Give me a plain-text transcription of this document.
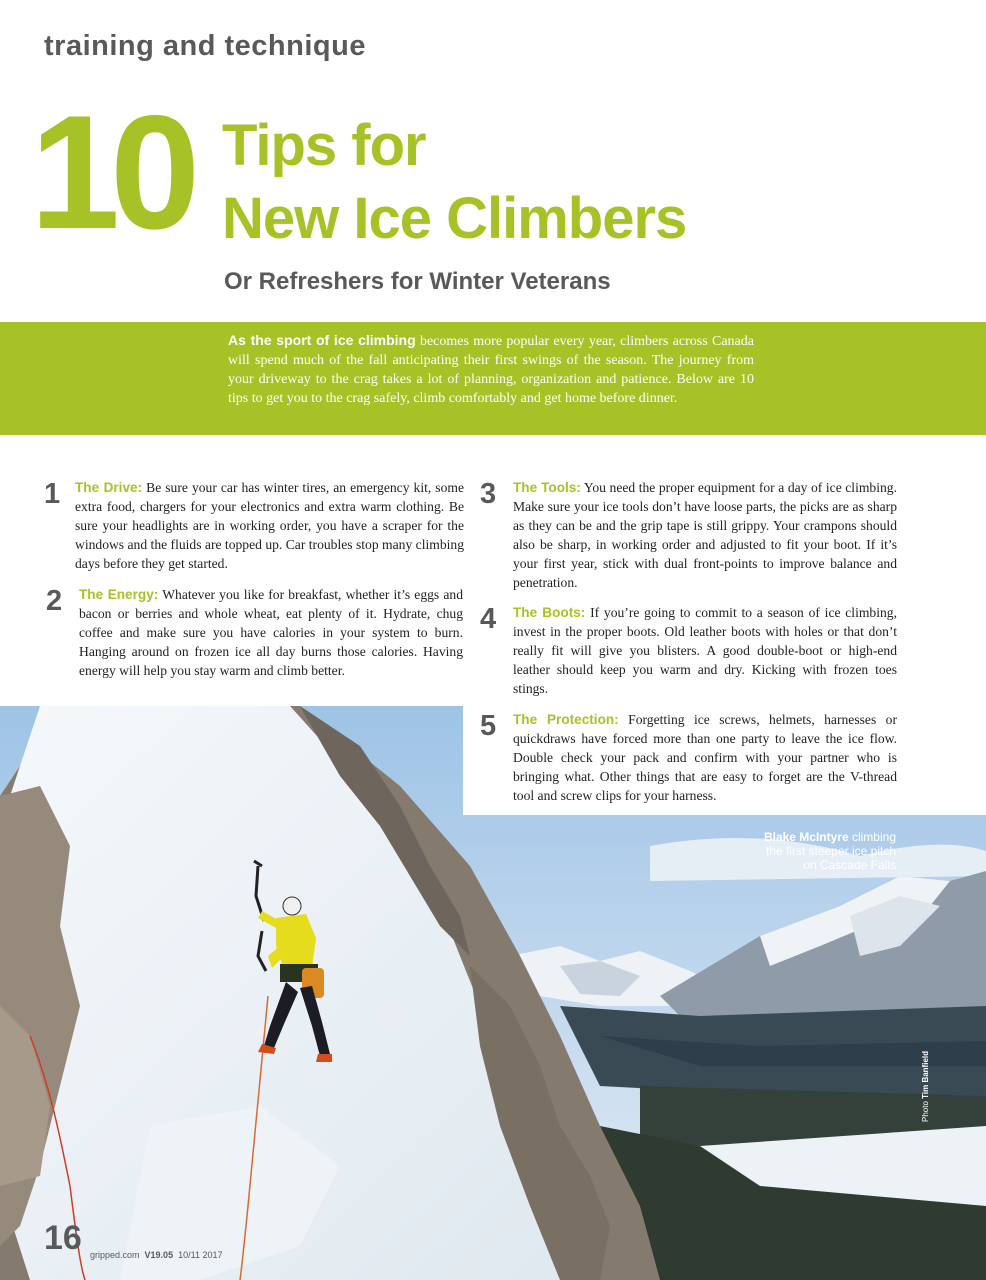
training and technique
10 Tips for
New Ice Climbers
Or Refreshers for Winter Veterans
As the sport of ice climbing becomes more popular every year, climbers across Canada will spend much of the fall anticipating their first swings of the season. The journey from your driveway to the crag takes a lot of planning, organization and patience. Below are 10 tips to get you to the crag safely, climb comfortably and get home before dinner.
1 The Drive: Be sure your car has winter tires, an emergency kit, some extra food, chargers for your electronics and extra warm clothing. Be sure your headlights are in working order, you have a scraper for the windows and the fluids are topped up. Car troubles stop many climbing days before they get started.
2 The Energy: Whatever you like for breakfast, whether it’s eggs and bacon or berries and whole wheat, eat plenty of it. Hydrate, chug coffee and make sure you have calories in your system to burn. Hanging around on frozen ice all day burns those calories. Having energy will help you stay warm and climb better.
3 The Tools: You need the proper equipment for a day of ice climbing. Make sure your ice tools don’t have loose parts, the picks are as sharp as they can be and the grip tape is still grippy. Your crampons should also be sharp, in working order and adjusted to fit your boot. If it’s your first year, stick with dual front-points to improve balance and penetration.
4 The Boots: If you’re going to commit to a season of ice climbing, invest in the proper boots. Old leather boots with holes or that don’t really fit will give you blisters. A good double-boot or high-end leather should keep you warm and dry. Kicking with frozen toes stings.
5 The Protection: Forgetting ice screws, helmets, harnesses or quickdraws have forced more than one party to leave the ice flow. Double check your pack and confirm with your partner who is bringing what. Other things that are easy to forget are the V-thread tool and screw clips for your harness.
Blake McIntyre climbing
the first steeper ice pitch
on Cascade Falls
Photo Tim Banfield
16 gripped.com V19.05 10/11 2017
